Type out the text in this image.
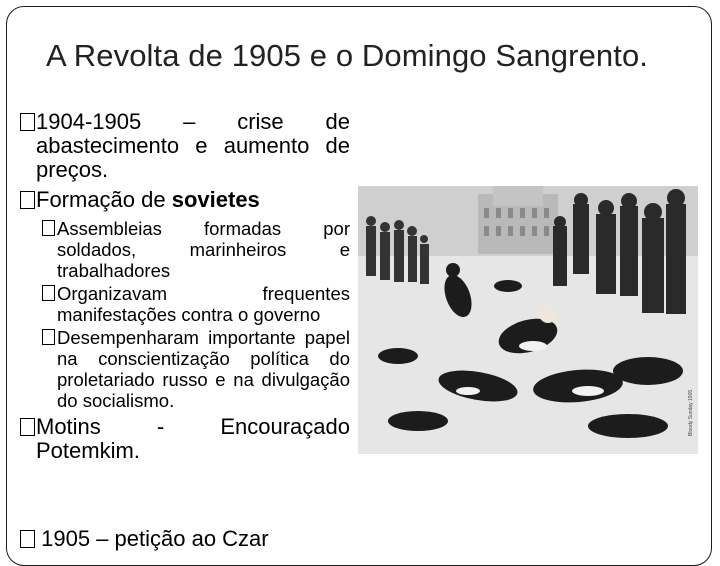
A Revolta de 1905 e o Domingo Sangrento.
1904-1905 – crise de abastecimento e aumento de preços.
Formação de sovietes
Assembleias formadas por soldados, marinheiros e trabalhadores
Organizavam frequentes manifestações contra o governo
Desempenharam importante papel na conscientização política do proletariado russo e na divulgação do socialismo.
Motins - Encouraçado Potemkim.
1905 – petição ao Czar
Bloody Sunday 1905
